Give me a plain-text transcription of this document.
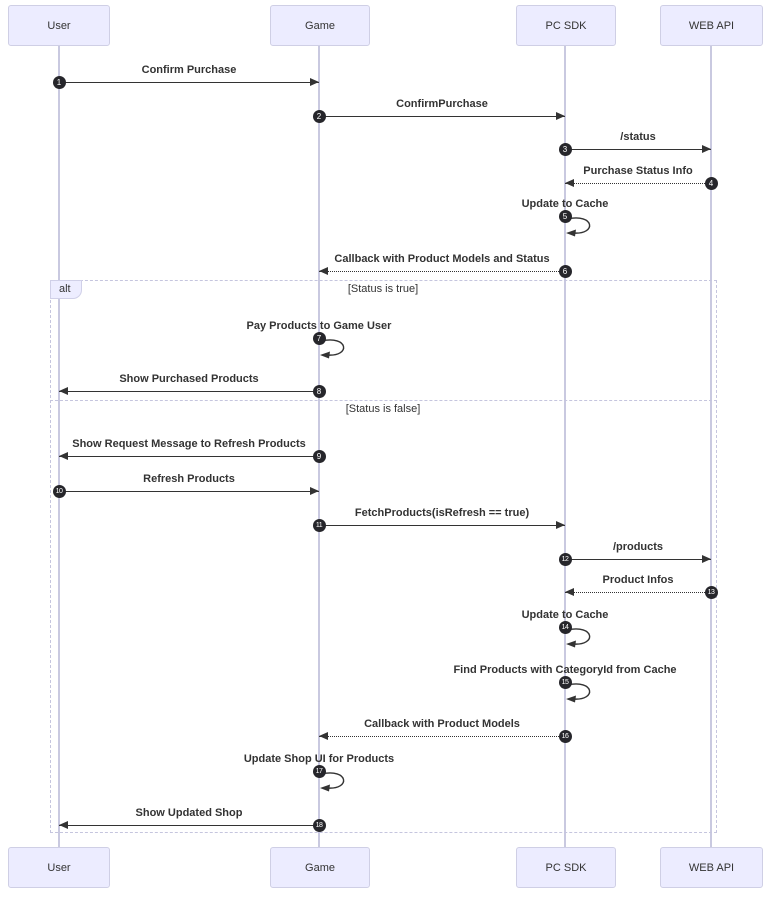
[Status is true]
[Status is false]
alt
Confirm Purchase
1
ConfirmPurchase
2
/status
3
Purchase Status Info
4
Update to Cache
5
Callback with Product Models and Status
6
Pay Products to Game User
7
Show Purchased Products
8
Show Request Message to Refresh Products
9
Refresh Products
10
FetchProducts(isRefresh == true)
11
/products
12
Product Infos
13
Update to Cache
14
Find Products with CategoryId from Cache
15
Callback with Product Models
16
Update Shop UI for Products
17
Show Updated Shop
18
User	Game	PC SDK	WEB API
User	Game	PC SDK	WEB API
